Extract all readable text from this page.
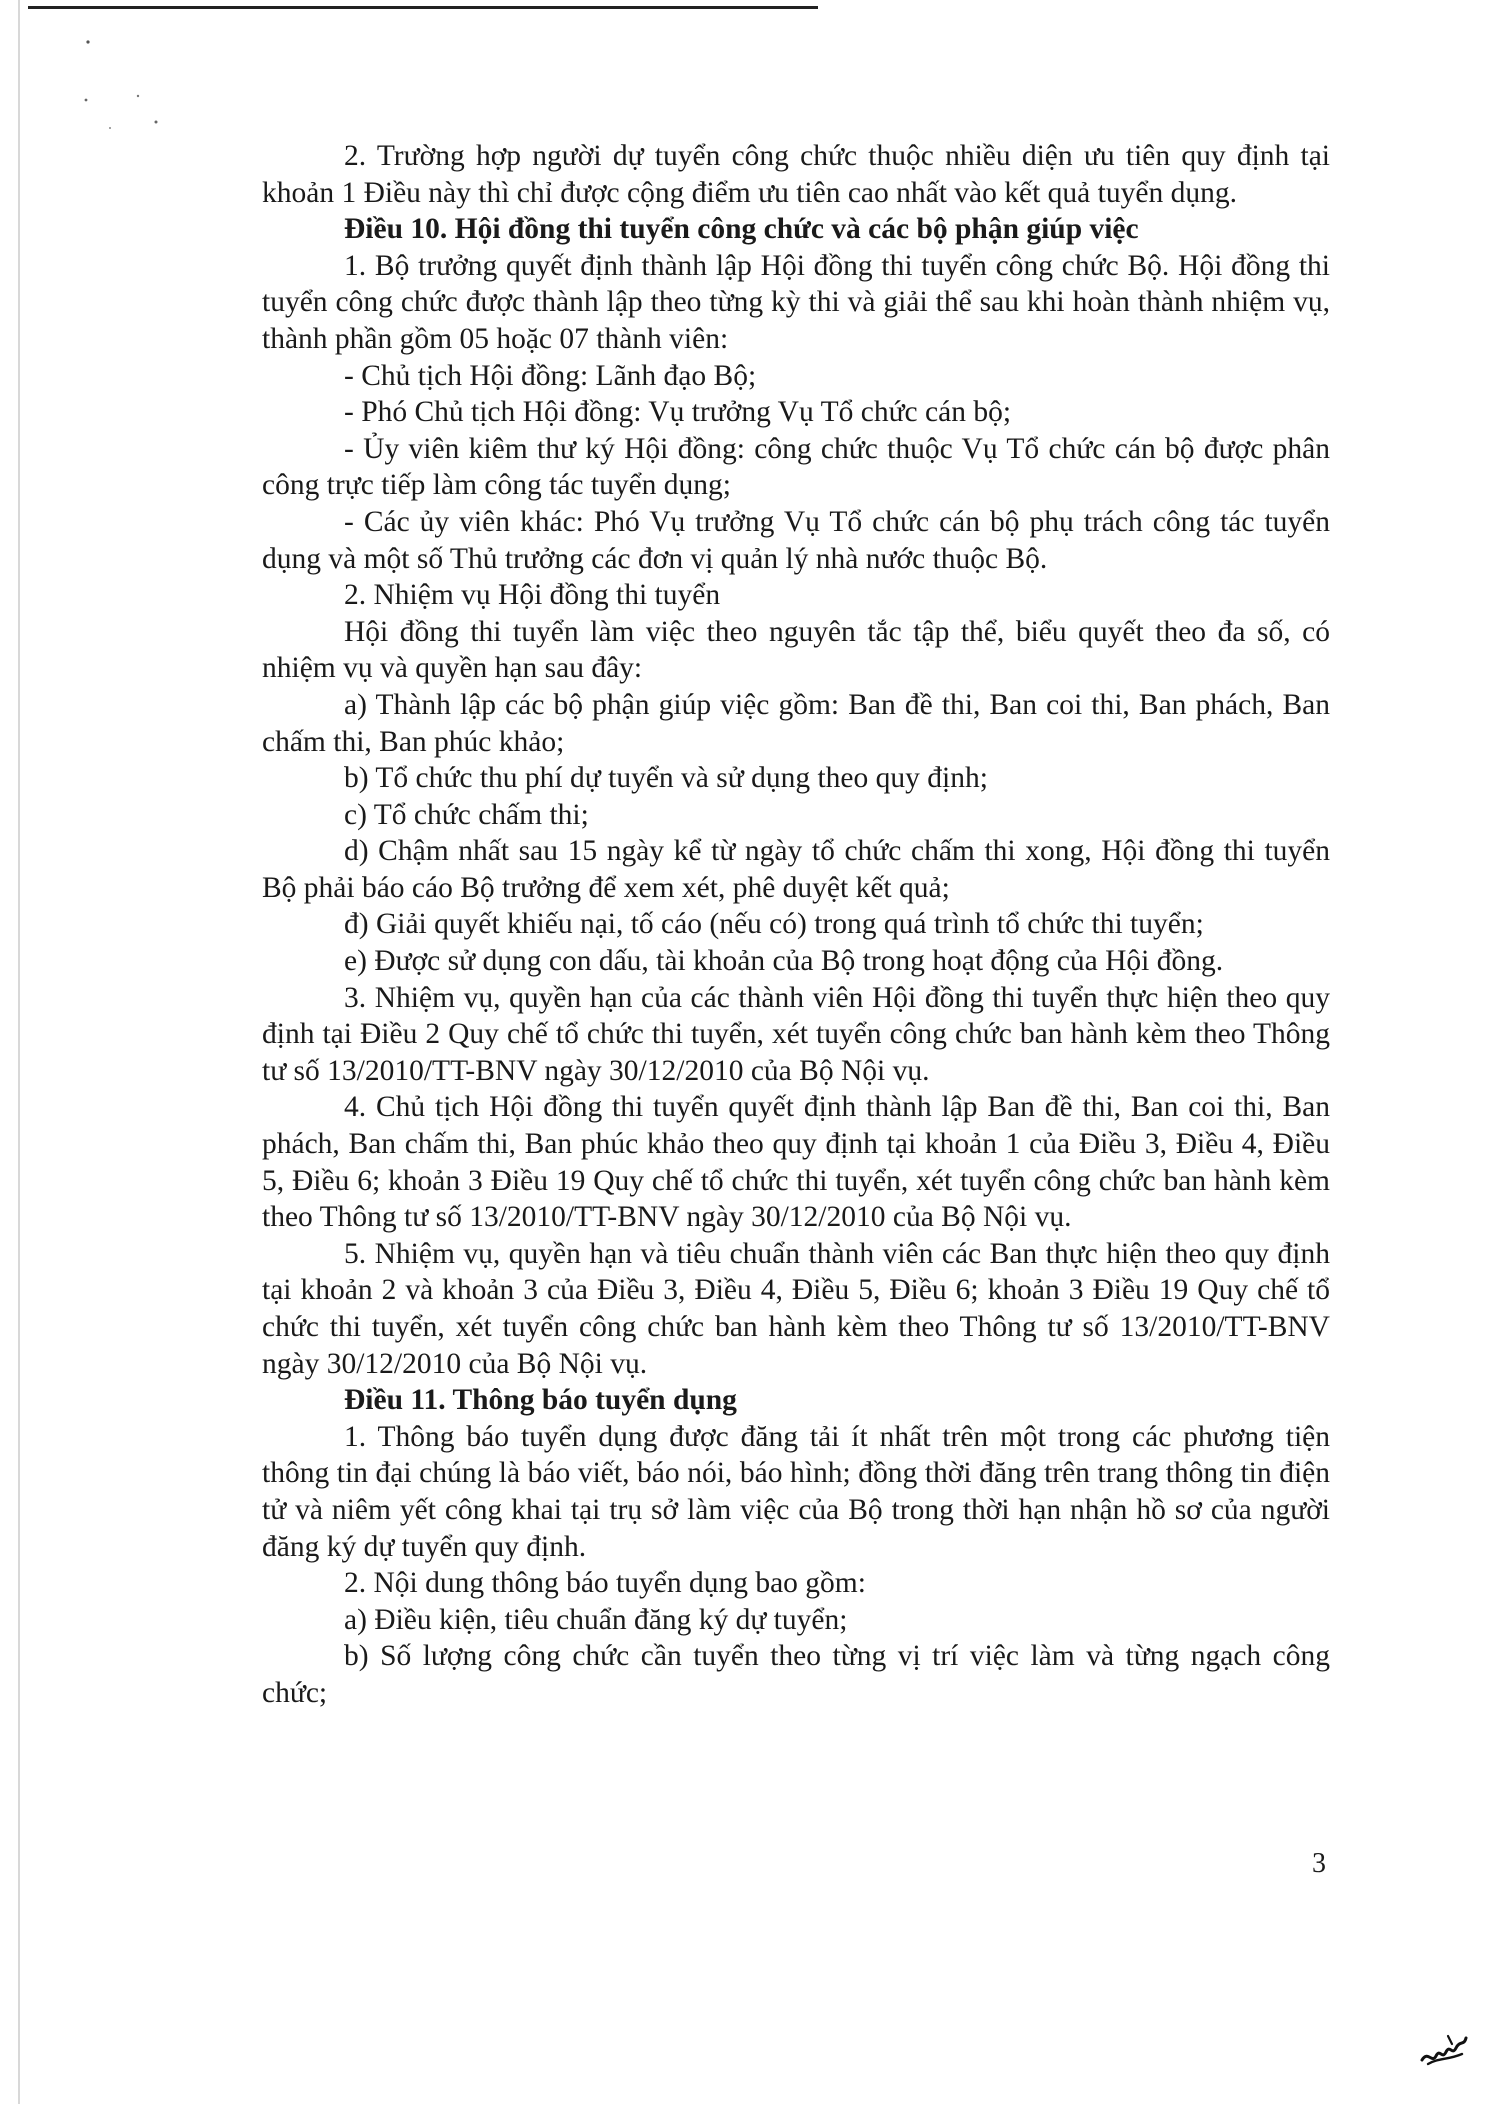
2. Trường hợp người dự tuyển công chức thuộc nhiều diện ưu tiên quy định tại khoản 1 Điều này thì chỉ được cộng điểm ưu tiên cao nhất vào kết quả tuyển dụng.

Điều 10. Hội đồng thi tuyển công chức và các bộ phận giúp việc

1. Bộ trưởng quyết định thành lập Hội đồng thi tuyển công chức Bộ. Hội đồng thi tuyển công chức được thành lập theo từng kỳ thi và giải thể sau khi hoàn thành nhiệm vụ, thành phần gồm 05 hoặc 07 thành viên:

- Chủ tịch Hội đồng: Lãnh đạo Bộ;

- Phó Chủ tịch Hội đồng: Vụ trưởng Vụ Tổ chức cán bộ;

- Ủy viên kiêm thư ký Hội đồng: công chức thuộc Vụ Tổ chức cán bộ được phân công trực tiếp làm công tác tuyển dụng;

- Các ủy viên khác: Phó Vụ trưởng Vụ Tổ chức cán bộ phụ trách công tác tuyển dụng và một số Thủ trưởng các đơn vị quản lý nhà nước thuộc Bộ.

2. Nhiệm vụ Hội đồng thi tuyển

Hội đồng thi tuyển làm việc theo nguyên tắc tập thể, biểu quyết theo đa số, có nhiệm vụ và quyền hạn sau đây:

a) Thành lập các bộ phận giúp việc gồm: Ban đề thi, Ban coi thi, Ban phách, Ban chấm thi, Ban phúc khảo;

b) Tổ chức thu phí dự tuyển và sử dụng theo quy định;

c) Tổ chức chấm thi;

d) Chậm nhất sau 15 ngày kể từ ngày tổ chức chấm thi xong, Hội đồng thi tuyển Bộ phải báo cáo Bộ trưởng để xem xét, phê duyệt kết quả;

đ) Giải quyết khiếu nại, tố cáo (nếu có) trong quá trình tổ chức thi tuyển;

e) Được sử dụng con dấu, tài khoản của Bộ trong hoạt động của Hội đồng.

3. Nhiệm vụ, quyền hạn của các thành viên Hội đồng thi tuyển thực hiện theo quy định tại Điều 2 Quy chế tổ chức thi tuyển, xét tuyển công chức ban hành kèm theo Thông tư số 13/2010/TT-BNV ngày 30/12/2010 của Bộ Nội vụ.

4. Chủ tịch Hội đồng thi tuyển quyết định thành lập Ban đề thi, Ban coi thi, Ban phách, Ban chấm thi, Ban phúc khảo theo quy định tại khoản 1 của Điều 3, Điều 4, Điều 5, Điều 6; khoản 3 Điều 19 Quy chế tổ chức thi tuyển, xét tuyển công chức ban hành kèm theo Thông tư số 13/2010/TT-BNV ngày 30/12/2010 của Bộ Nội vụ.

5. Nhiệm vụ, quyền hạn và tiêu chuẩn thành viên các Ban thực hiện theo quy định tại khoản 2 và khoản 3 của Điều 3, Điều 4, Điều 5, Điều 6; khoản 3 Điều 19 Quy chế tổ chức thi tuyển, xét tuyển công chức ban hành kèm theo Thông tư số 13/2010/TT-BNV ngày 30/12/2010 của Bộ Nội vụ.

Điều 11. Thông báo tuyển dụng

1. Thông báo tuyển dụng được đăng tải ít nhất trên một trong các phương tiện thông tin đại chúng là báo viết, báo nói, báo hình; đồng thời đăng trên trang thông tin điện tử và niêm yết công khai tại trụ sở làm việc của Bộ trong thời hạn nhận hồ sơ của người đăng ký dự tuyển quy định.

2. Nội dung thông báo tuyển dụng bao gồm:

a) Điều kiện, tiêu chuẩn đăng ký dự tuyển;

b) Số lượng công chức cần tuyển theo từng vị trí việc làm và từng ngạch công chức;

3
